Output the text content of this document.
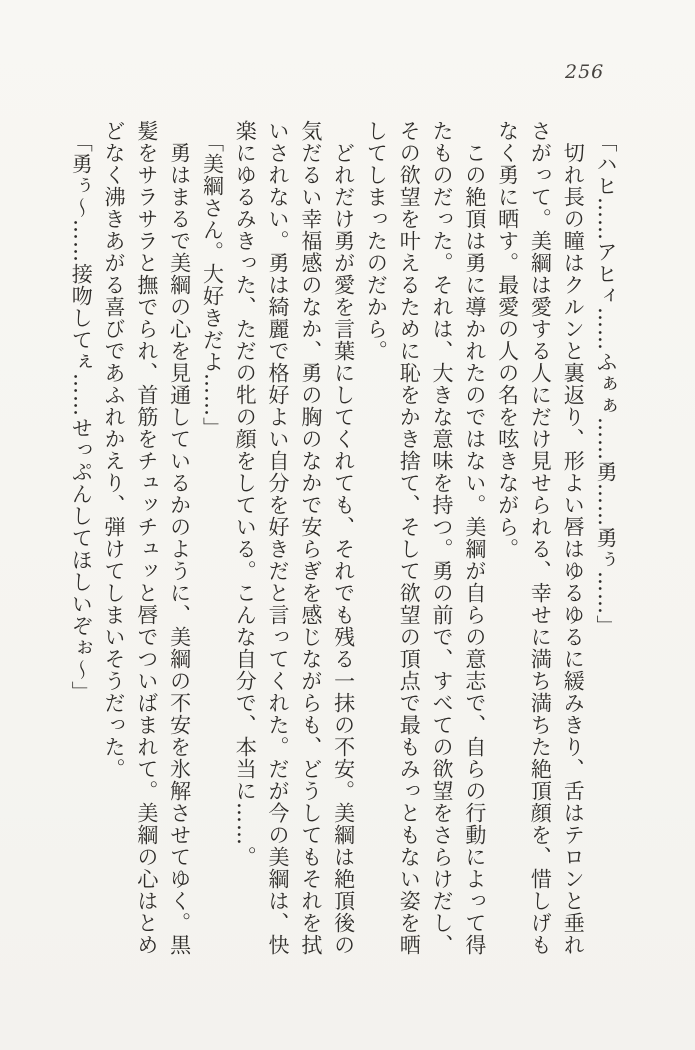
256

「ハヒ……アヒィ……ふぁぁ……勇……勇ぅ……」

切れ長の瞳はクルンと裏返り、形よい唇はゆるゆるに緩みきり、舌はテロンと垂れ

さがって。美綱は愛する人にだけ見せられる、幸せに満ち満ちた絶頂顔を、惜しげも

なく勇に晒す。最愛の人の名を呟きながら。

この絶頂は勇に導かれたのではない。美綱が自らの意志で、自らの行動によって得

たものだった。それは、大きな意味を持つ。勇の前で、すべての欲望をさらけだし、

その欲望を叶えるために恥をかき捨て、そして欲望の頂点で最もみっともない姿を晒

してしまったのだから。

どれだけ勇が愛を言葉にしてくれても、それでも残る一抹の不安。美綱は絶頂後の

気だるい幸福感のなか、勇の胸のなかで安らぎを感じながらも、どうしてもそれを拭

いされない。勇は綺麗で格好よい自分を好きだと言ってくれた。だが今の美綱は、快

楽にゆるみきった、ただの牝の顔をしている。こんな自分で、本当に……。

「美綱さん。大好きだよ……」

勇はまるで美綱の心を見通しているかのように、美綱の不安を氷解させてゆく。黒

髪をサラサラと撫でられ、首筋をチュッチュッと唇でついばまれて。美綱の心はとめ

どなく沸きあがる喜びであふれかえり、弾けてしまいそうだった。

「勇ぅ～……接吻してぇ……せっぷんしてほしいぞぉ～」
